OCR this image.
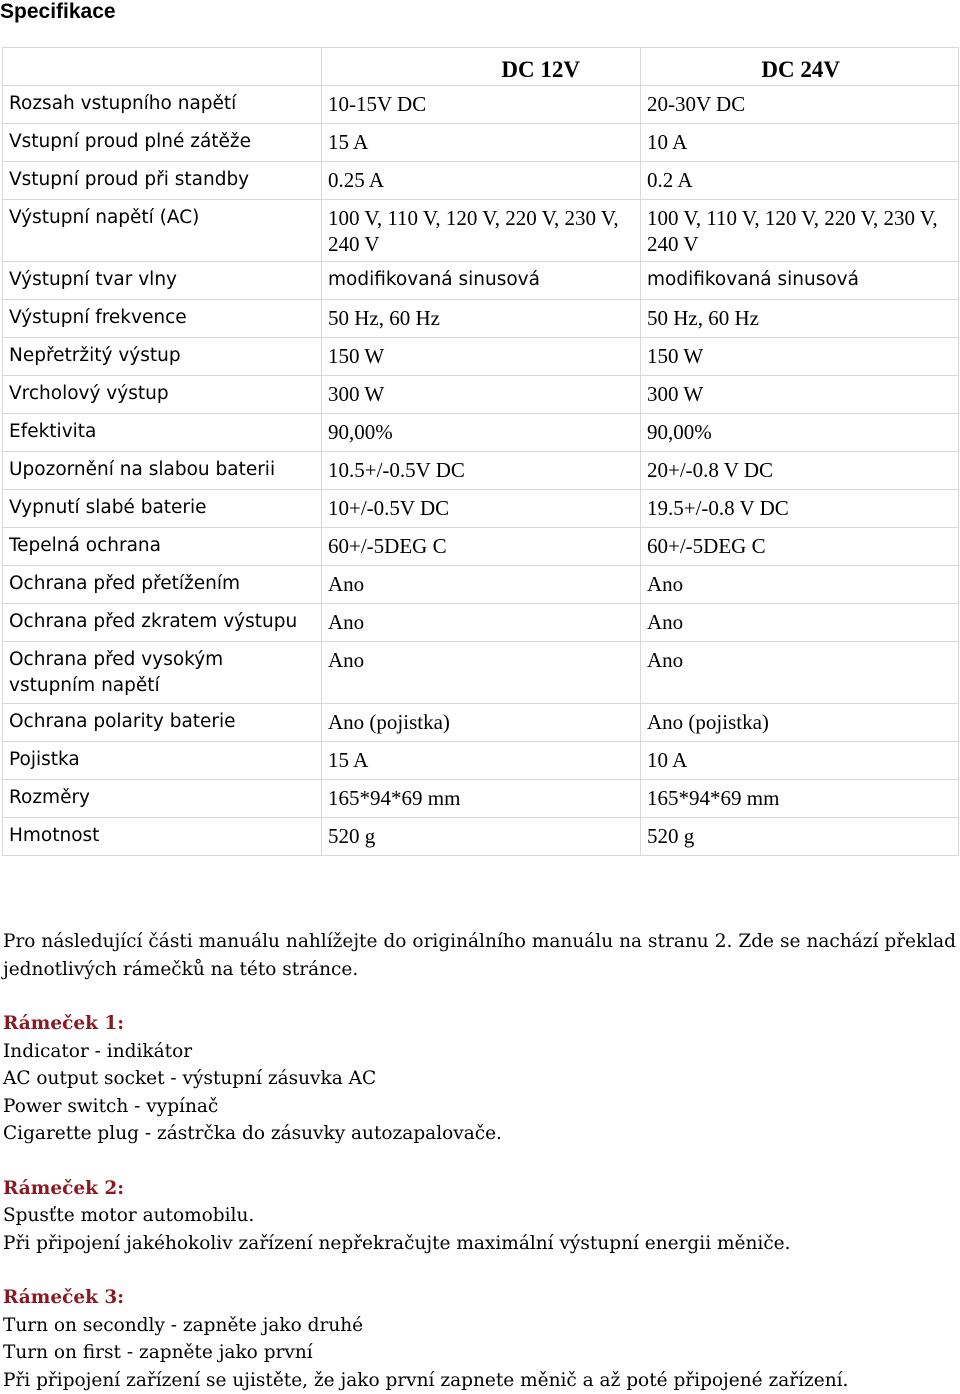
Specifikace
	DC 12V	DC 24V
Rozsah vstupního napětí	10-15V DC	20-30V DC
Vstupní proud plné zátěže	15 A	10 A
Vstupní proud při standby	0.25 A	0.2 A
Výstupní napětí (AC)	100 V, 110 V, 120 V, 220 V, 230 V, 240 V	100 V, 110 V, 120 V, 220 V, 230 V, 240 V
Výstupní tvar vlny	modifikovaná sinusová	modifikovaná sinusová
Výstupní frekvence	50 Hz, 60 Hz	50 Hz, 60 Hz
Nepřetržitý výstup	150 W	150 W
Vrcholový výstup	300 W	300 W
Efektivita	90,00%	90,00%
Upozornění na slabou baterii	10.5+/-0.5V DC	20+/-0.8 V DC
Vypnutí slabé baterie	10+/-0.5V DC	19.5+/-0.8 V DC
Tepelná ochrana	60+/-5DEG C	60+/-5DEG C
Ochrana před přetížením	Ano	Ano
Ochrana před zkratem výstupu	Ano	Ano
Ochrana před vysokým vstupním napětí	Ano	Ano
Ochrana polarity baterie	Ano (pojistka)	Ano (pojistka)
Pojistka	15 A	10 A
Rozměry	165*94*69 mm	165*94*69 mm
Hmotnost	520 g	520 g

Pro následující části manuálu nahlížejte do originálního manuálu na stranu 2. Zde se nachází překlad jednotlivých rámečků na této stránce.

Rámeček 1:

Indicator - indikátor

AC output socket - výstupní zásuvka AC

Power switch - vypínač

Cigarette plug - zástrčka do zásuvky autozapalovače.

Rámeček 2:

Spusťte motor automobilu.

Při připojení jakéhokoliv zařízení nepřekračujte maximální výstupní energii měniče.

Rámeček 3:

Turn on secondly - zapněte jako druhé

Turn on first - zapněte jako první

Při připojení zařízení se ujistěte, že jako první zapnete měnič a až poté připojené zařízení.
